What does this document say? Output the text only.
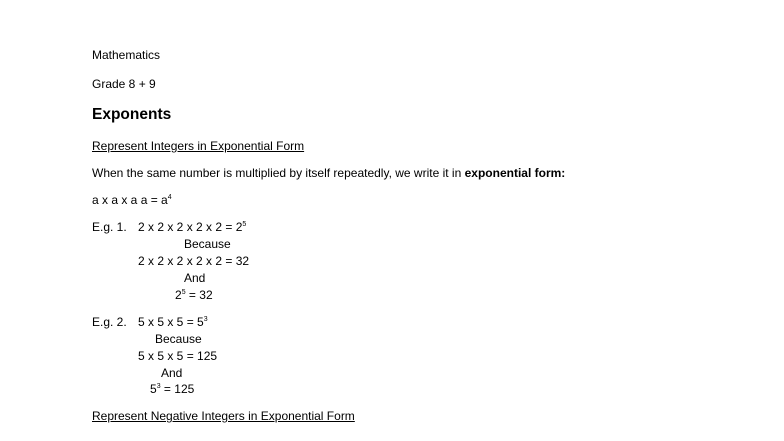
Mathematics
Grade 8 + 9
Exponents
Represent Integers in Exponential Form
When the same number is multiplied by itself repeatedly, we write it in exponential form:
a x a x a $a = a^4$
E.g. 1. 2 x 2 x 2 x 2 x $2 = 2^5$
Because
2 x 2 x 2 x 2 x 2 = 32
And
$2^5 = 32$
E.g. 2. 5 x 5 x $5 = 5^3$
Because
5 x 5 x 5 = 125
And
$5^3 = 125$
Represent Negative Integers in Exponential Form
